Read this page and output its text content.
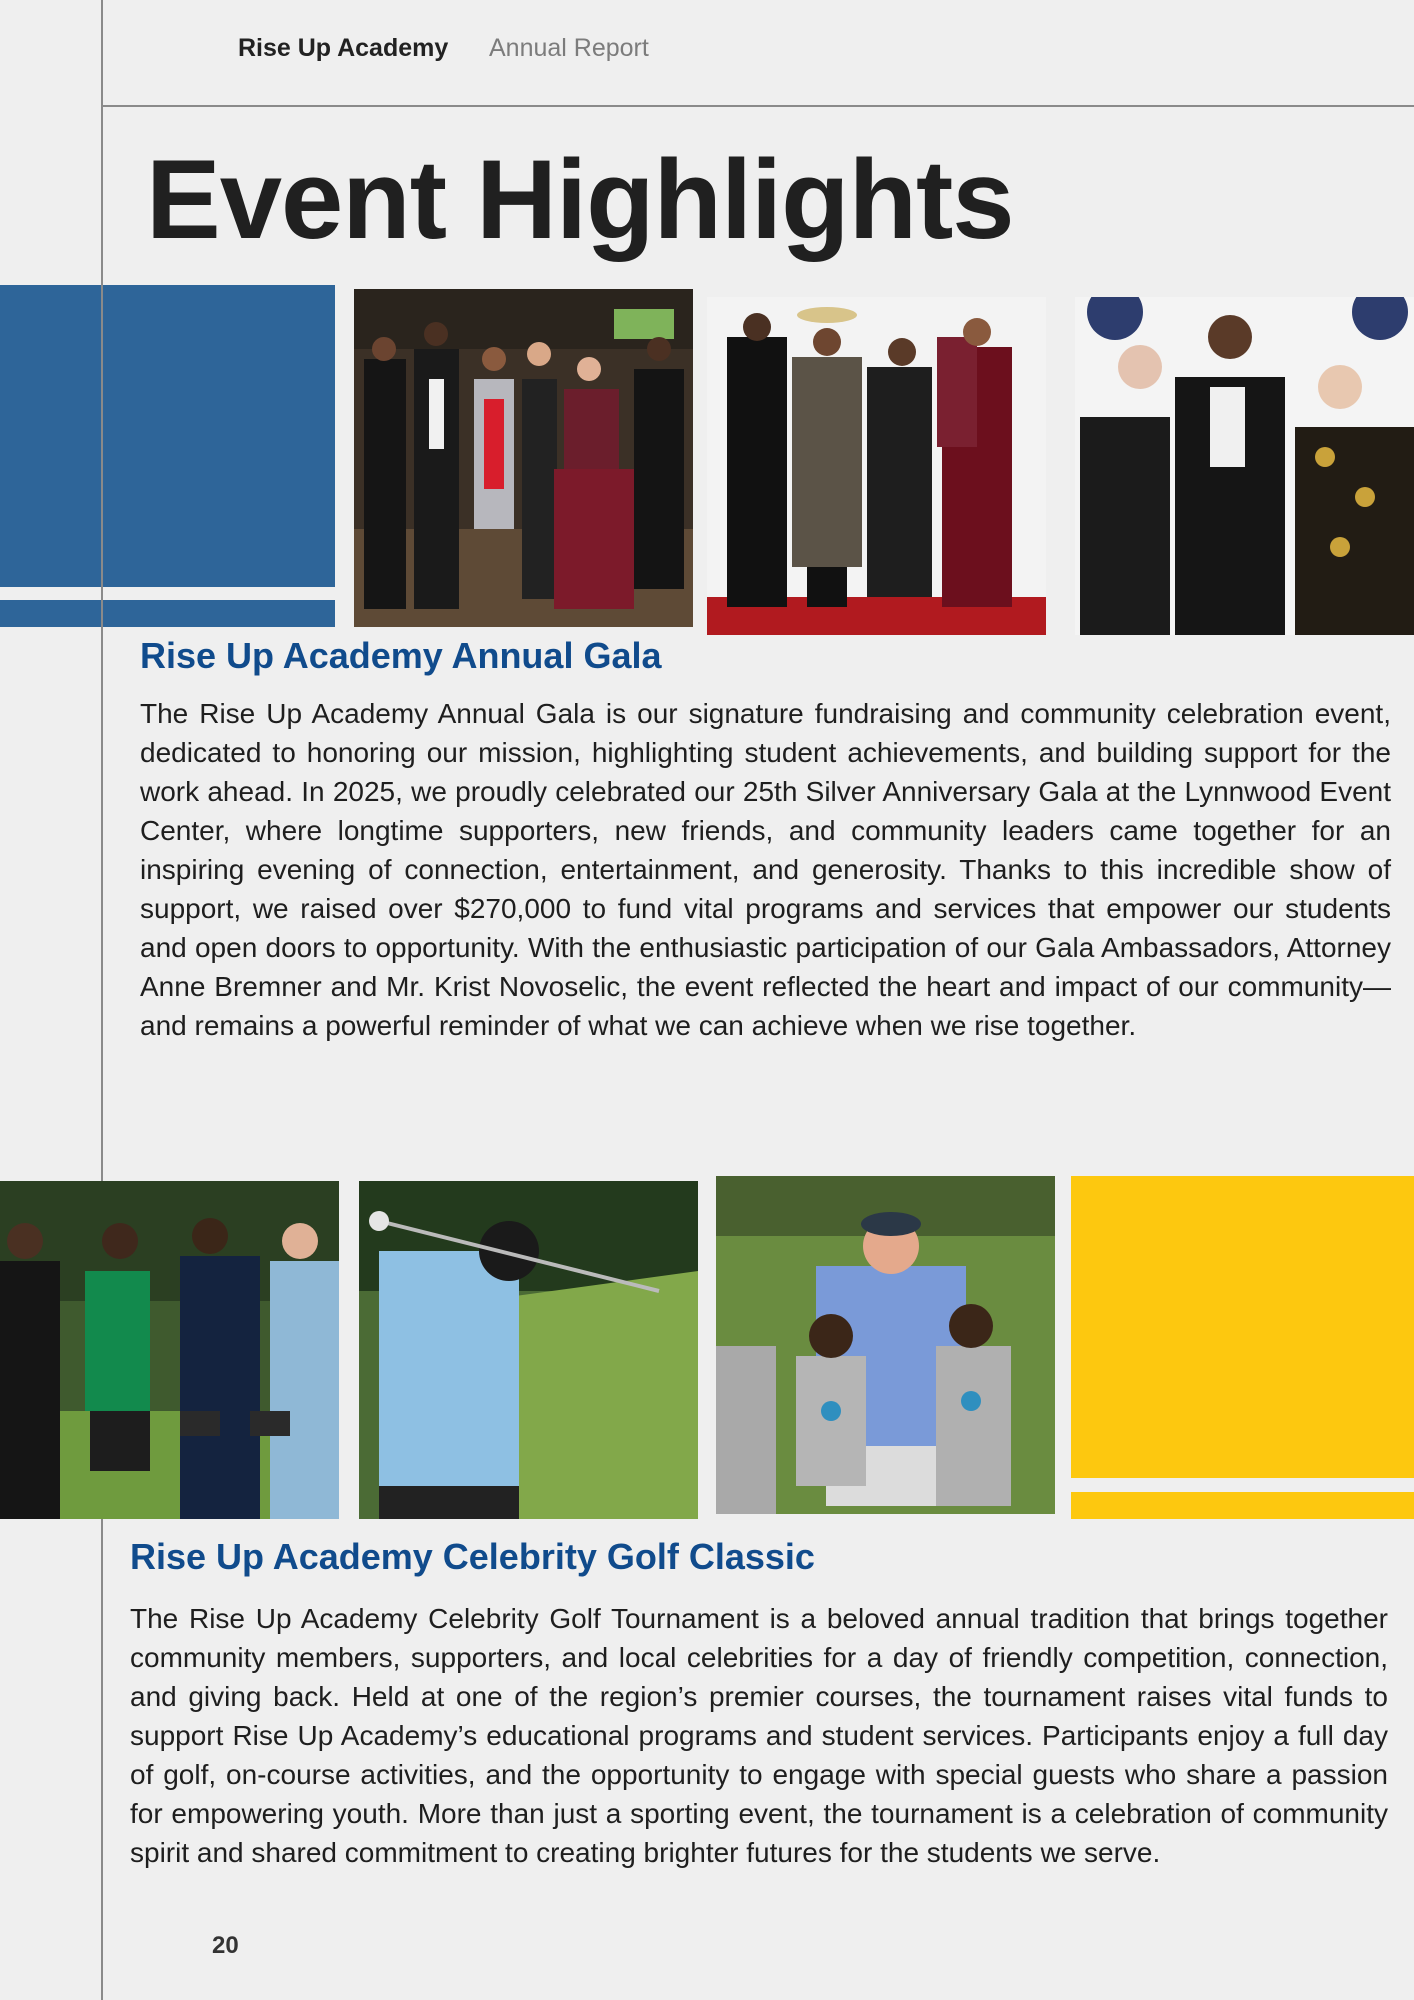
Rise Up Academy Annual Report
Event Highlights
Rise Up Academy Annual Gala
The Rise Up Academy Annual Gala is our signature fundraising and community celebration event, dedicated to honoring our mission, highlighting student achievements, and building support for the work ahead. In 2025, we proudly celebrated our 25th Silver Anniversary Gala at the Lynnwood Event Center, where longtime supporters, new friends, and community leaders came together for an inspiring evening of connection, entertainment, and generosity. Thanks to this incredible show of support, we raised over $270,000 to fund vital programs and services that empower our students and open doors to opportunity. With the enthusiastic participation of our Gala Ambassadors, Attorney Anne Bremner and Mr. Krist Novoselic, the event reflected the heart and impact of our community—and remains a powerful reminder of what we can achieve when we rise together.
Rise Up Academy Celebrity Golf Classic
The Rise Up Academy Celebrity Golf Tournament is a beloved annual tradition that brings together community members, supporters, and local celebrities for a day of friendly competition, connection, and giving back. Held at one of the region’s premier courses, the tournament raises vital funds to support Rise Up Academy’s educational programs and student services. Participants enjoy a full day of golf, on-course activities, and the opportunity to engage with special guests who share a passion for empowering youth. More than just a sporting event, the tournament is a celebration of community spirit and shared commitment to creating brighter futures for the students we serve.
20
